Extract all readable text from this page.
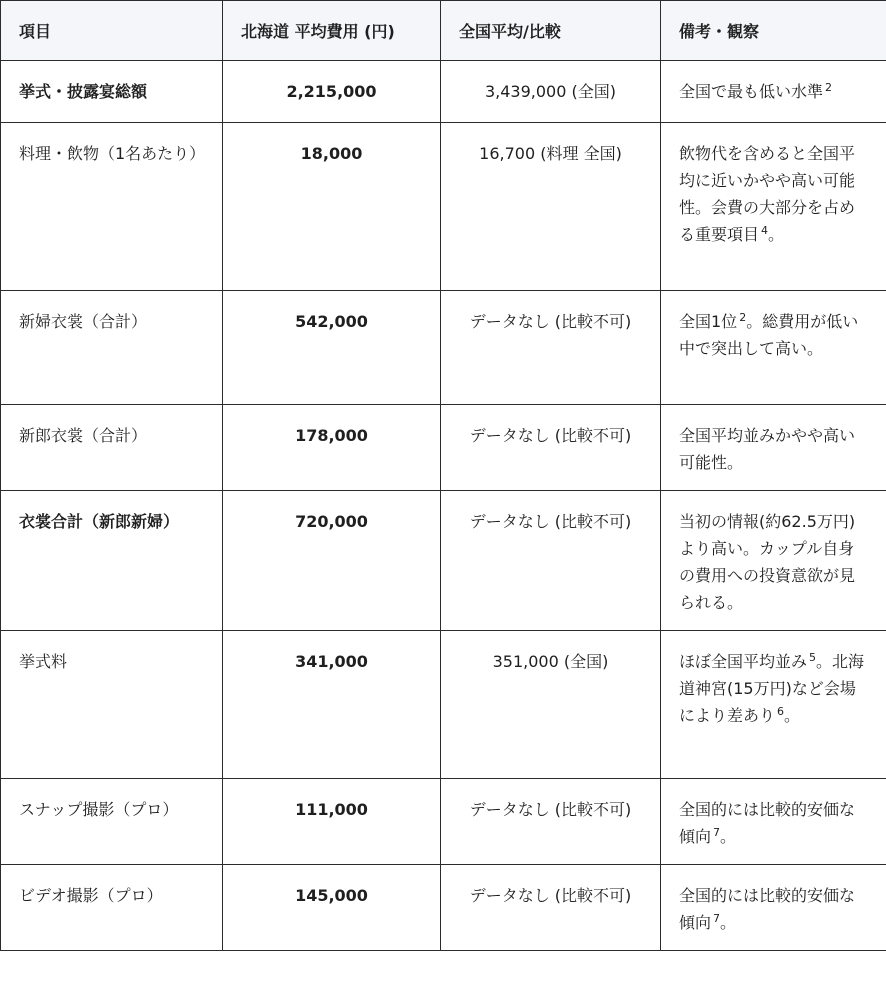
項目	北海道 平均費用 (円)	全国平均/比較	備考・観察
挙式・披露宴総額	2,215,000	3,439,000 (全国)	全国で最も低い水準 $^2$
料理・飲物（1名あたり）	18,000	16,700 (料理 全国)	飲物代を含めると全国平均に近いかやや高い可能性。会費の大部分を占める重要項目 $^4$。
新婦衣裳（合計）	542,000	データなし (比較不可)	全国1位 $^2$。総費用が低い中で突出して高い。
新郎衣裳（合計）	178,000	データなし (比較不可)	全国平均並みかやや高い可能性。
衣裳合計（新郎新婦）	720,000	データなし (比較不可)	当初の情報(約62.5万円)より高い。カップル自身の費用への投資意欲が見られる。
挙式料	341,000	351,000 (全国)	ほぼ全国平均並み $^5$。北海道神宮(15万円)など会場により差あり $^6$。
スナップ撮影（プロ）	111,000	データなし (比較不可)	全国的には比較的安価な傾向 $^7$。
ビデオ撮影（プロ）	145,000	データなし (比較不可)	全国的には比較的安価な傾向 $^7$。
